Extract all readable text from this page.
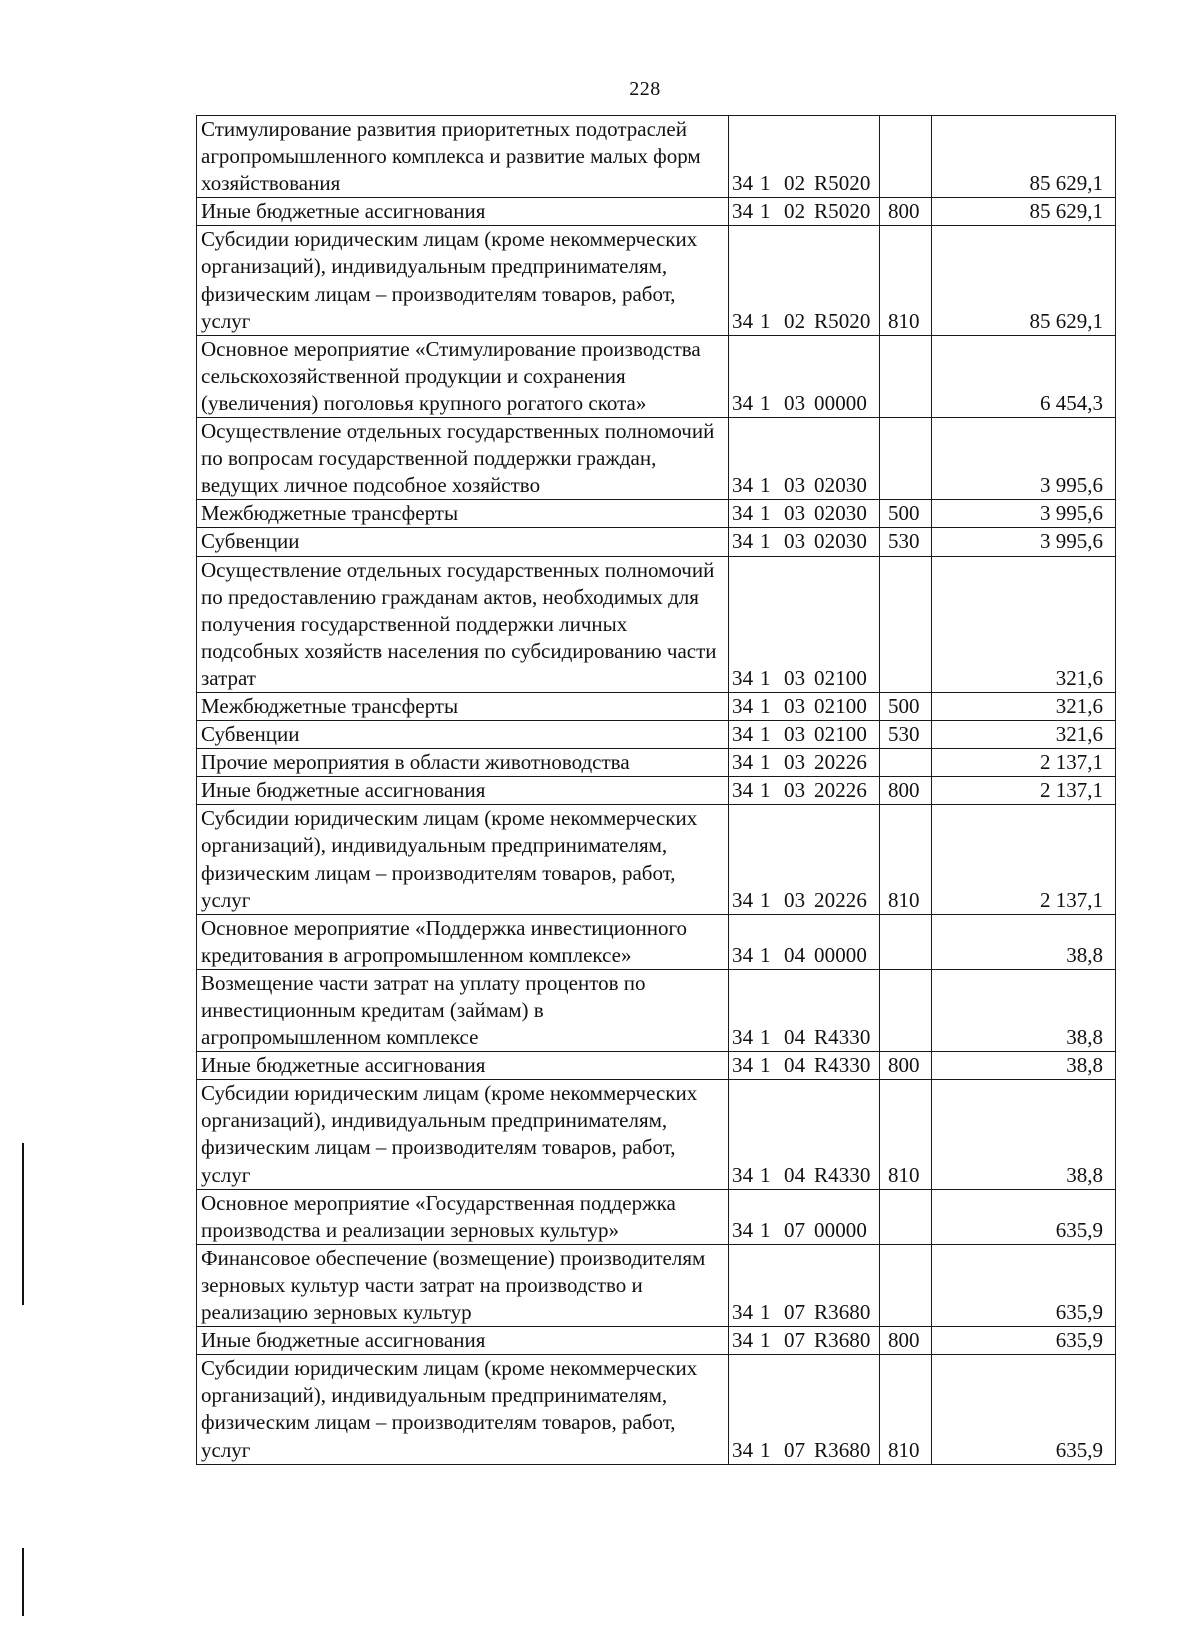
228
Стимулирование развития приоритетных подотраслей агропромышленного комплекса и развитие малых форм хозяйствования	34 1 02 R5020		85 629,1
Иные бюджетные ассигнования	34 1 02 R5020	800	85 629,1
Субсидии юридическим лицам (кроме некоммерческих организаций), индивидуальным предпринимателям, физическим лицам – производителям товаров, работ, услуг	34 1 02 R5020	810	85 629,1
Основное мероприятие «Стимулирование производства сельскохозяйственной продукции и сохранения (увеличения) поголовья крупного рогатого скота»	34 1 03 00000		6 454,3
Осуществление отдельных государственных полномочий по вопросам государственной поддержки граждан, ведущих личное подсобное хозяйство	34 1 03 02030		3 995,6
Межбюджетные трансферты	34 1 03 02030	500	3 995,6
Субвенции	34 1 03 02030	530	3 995,6
Осуществление отдельных государственных полномочий по предоставлению гражданам актов, необходимых для получения государственной поддержки личных подсобных хозяйств населения по субсидированию части затрат	34 1 03 02100		321,6
Межбюджетные трансферты	34 1 03 02100	500	321,6
Субвенции	34 1 03 02100	530	321,6
Прочие мероприятия в области животноводства	34 1 03 20226		2 137,1
Иные бюджетные ассигнования	34 1 03 20226	800	2 137,1
Субсидии юридическим лицам (кроме некоммерческих организаций), индивидуальным предпринимателям, физическим лицам – производителям товаров, работ, услуг	34 1 03 20226	810	2 137,1
Основное мероприятие «Поддержка инвестиционного кредитования в агропромышленном комплексе»	34 1 04 00000		38,8
Возмещение части затрат на уплату процентов по инвестиционным кредитам (займам) в агропромышленном комплексе	34 1 04 R4330		38,8
Иные бюджетные ассигнования	34 1 04 R4330	800	38,8
Субсидии юридическим лицам (кроме некоммерческих организаций), индивидуальным предпринимателям, физическим лицам – производителям товаров, работ, услуг	34 1 04 R4330	810	38,8
Основное мероприятие «Государственная поддержка производства и реализации зерновых культур»	34 1 07 00000		635,9
Финансовое обеспечение (возмещение) производителям зерновых культур части затрат на производство и реализацию зерновых культур	34 1 07 R3680		635,9
Иные бюджетные ассигнования	34 1 07 R3680	800	635,9
Субсидии юридическим лицам (кроме некоммерческих организаций), индивидуальным предпринимателям, физическим лицам – производителям товаров, работ, услуг	34 1 07 R3680	810	635,9
